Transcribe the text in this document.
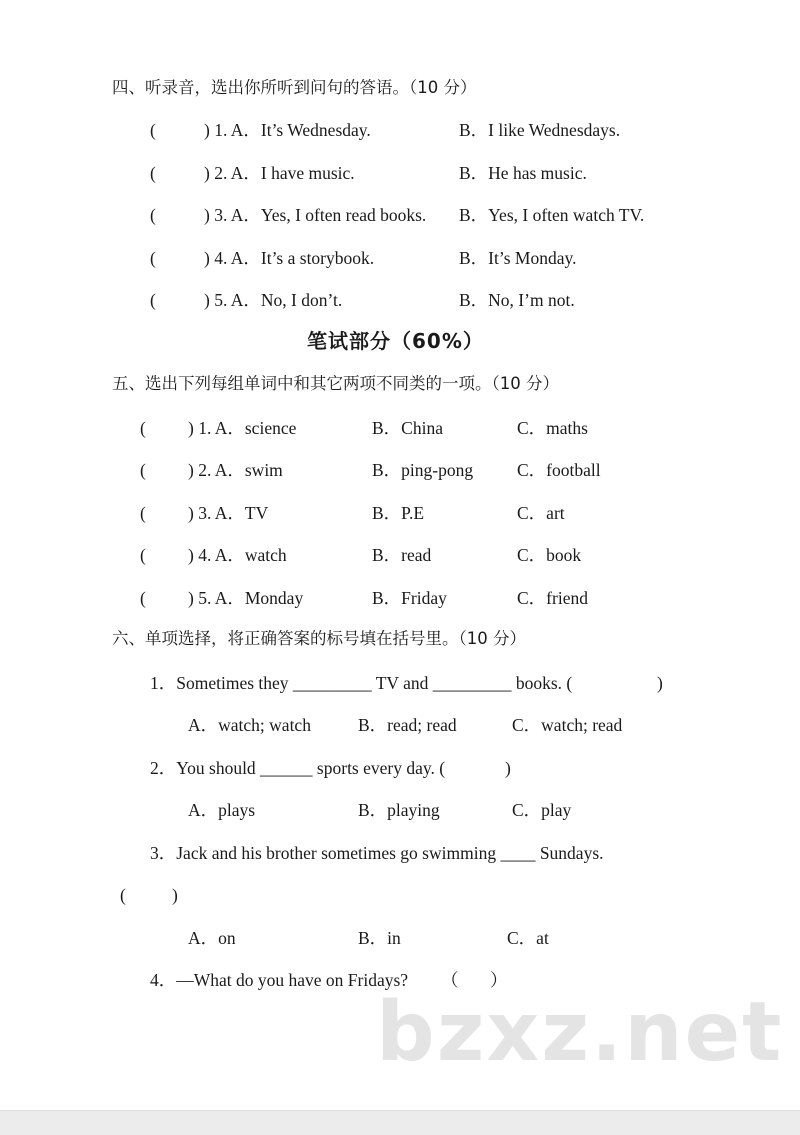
四、听录音，选出你所听到问句的答语。（10 分）
(	) 1. A．It’s Wednesday.	B．I like Wednesdays.
(	) 2. A．I have music.	B．He has music.
(	) 3. A．Yes, I often read books. B．Yes, I often watch TV.
(	) 4. A．It’s a storybook.	B．It’s Monday.
(	) 5. A．No, I don’t.	B．No, I’m not.
笔试部分（60%）
五、选出下列每组单词中和其它两项不同类的一项。（10 分）
( ) 1. A．science	B．China	C．maths
( ) 2. A．swim	B．ping-pong	C．football
( ) 3. A．TV	B．P.E	C．art
( ) 4. A．watch	B．read	C．book
( ) 5. A．Monday	B．Friday	C．friend
六、单项选择，将正确答案的标号填在括号里。（10 分）
1．Sometimes they _________ TV and _________ books. (	)
A．watch; watch	B．read; read	C．watch; read
2．You should ______ sports every day. (	)
A．plays	B．playing	C．play
3．Jack and his brother sometimes go swimming ____ Sundays.
(	)
A．on	B．in	C．at
4．—What do you have on Fridays? （ ）
bzxz.net
